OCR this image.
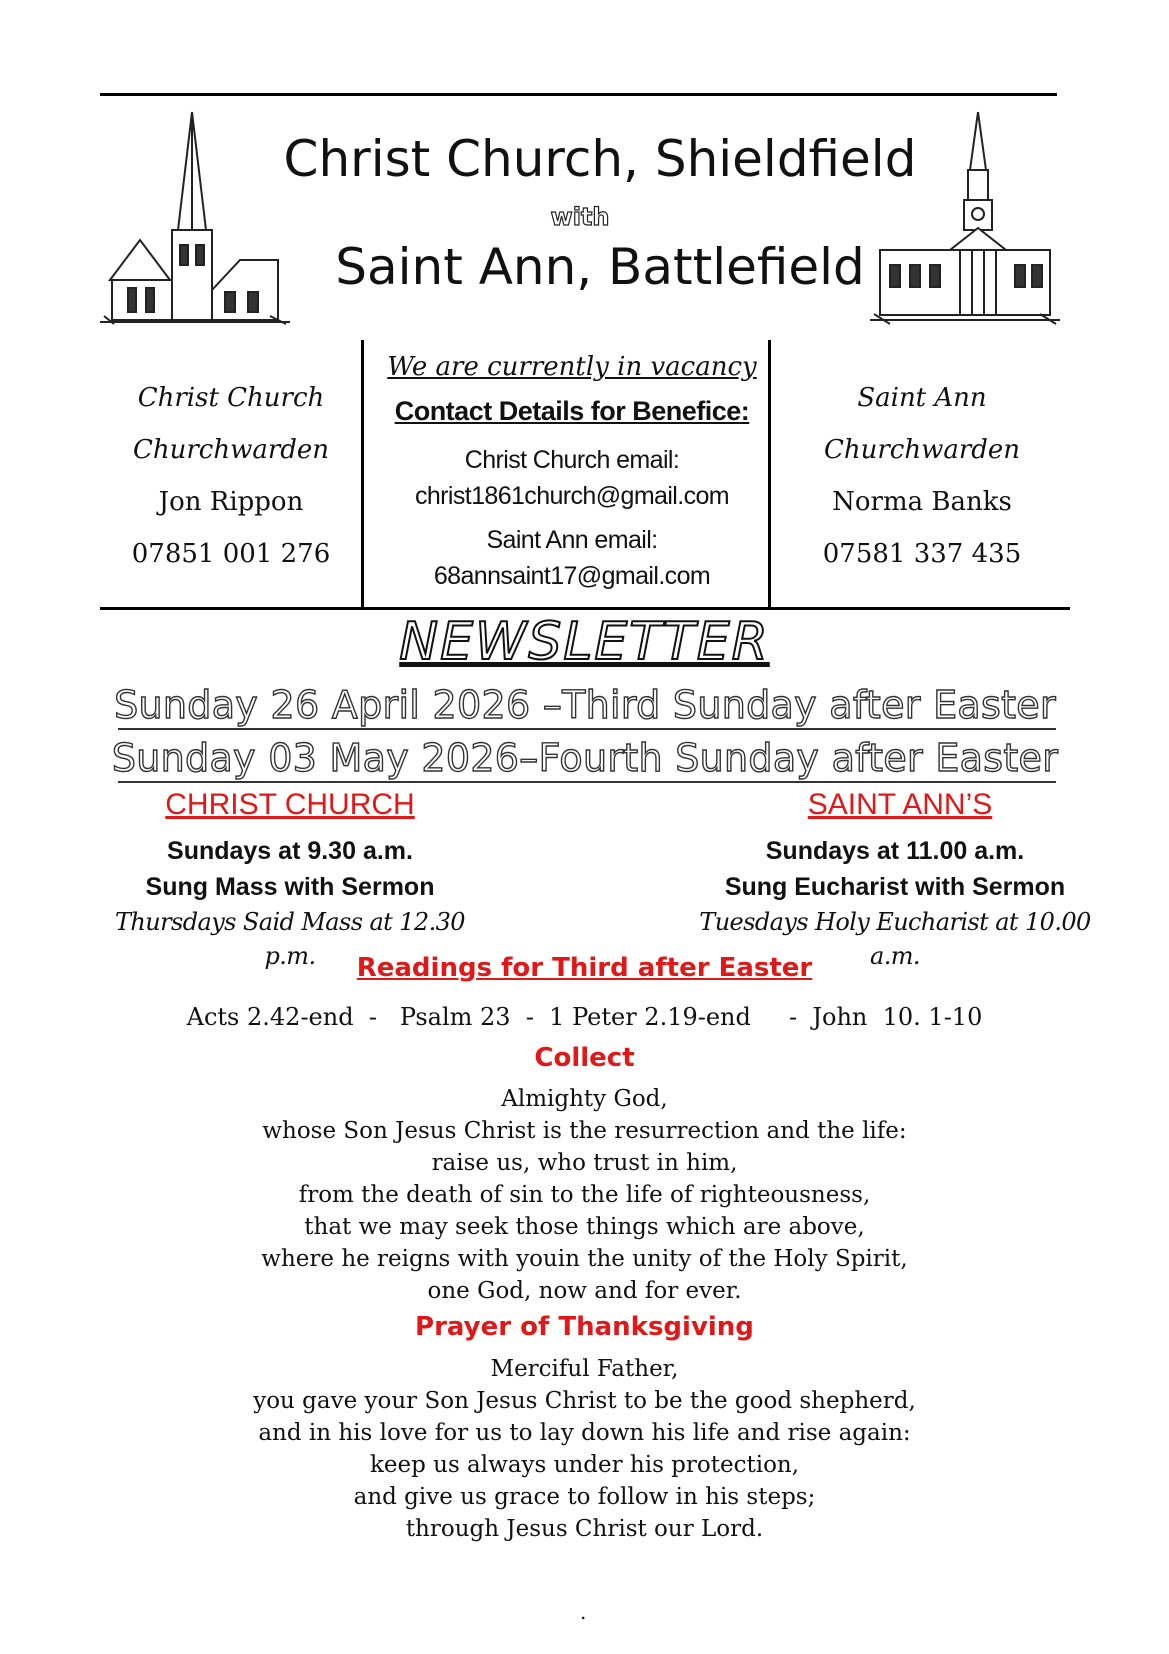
Christ Church, Shieldfield
with
Saint Ann, Battlefield
Christ Church
Churchwarden
Jon Rippon
07851 001 276
We are currently in vacancy
Contact Details for Benefice:
Christ Church email:
christ1861church@gmail.com
Saint Ann email:
68annsaint17@gmail.com
Saint Ann
Churchwarden
Norma Banks
07581 337 435
NEWSLETTER
Sunday 26 April 2026 –Third Sunday after Easter
Sunday 03 May 2026–Fourth Sunday after Easter
CHRIST CHURCH	SAINT ANN’S
Sundays at 9.30 a.m.
Sung Mass with Sermon
Thursdays Said Mass at 12.30 p.m.
Sundays at 11.00 a.m.
Sung Eucharist with Sermon
Tuesdays Holy Eucharist at 10.00 a.m.
Readings for Third after Easter
Acts 2.42-end  -   Psalm 23  -  1 Peter 2.19-end     -  John  10. 1-10
Collect
Almighty God,
whose Son Jesus Christ is the resurrection and the life:
raise us, who trust in him,
from the death of sin to the life of righteousness,
that we may seek those things which are above,
where he reigns with youin the unity of the Holy Spirit,
one God, now and for ever.
Prayer of Thanksgiving
Merciful Father,
you gave your Son Jesus Christ to be the good shepherd,
and in his love for us to lay down his life and rise again:
keep us always under his protection,
and give us grace to follow in his steps;
through Jesus Christ our Lord.
.
